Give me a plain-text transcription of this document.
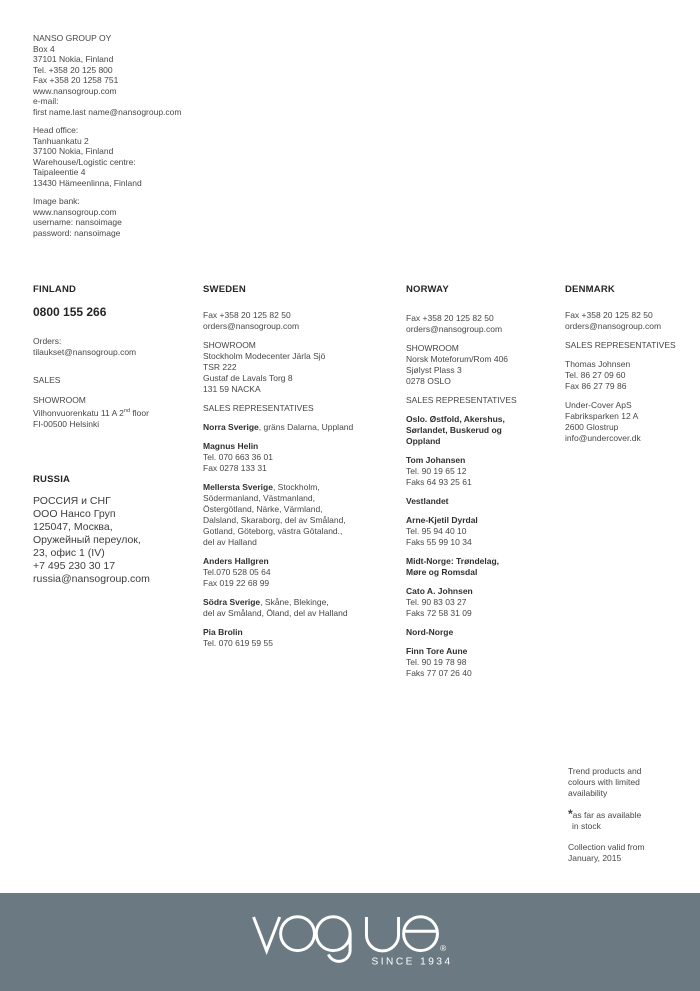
NANSO GROUP OY
Box 4
37101 Nokia, Finland
Tel. +358 20 125 800
Fax +358 20 1258 751
www.nansogroup.com
e-mail:
first name.last name@nansogroup.com
Head office:
Tanhuankatu 2
37100 Nokia, Finland
Warehouse/Logistic centre:
Taipaleentie 4
13430 Hämeenlinna, Finland
Image bank:
www.nansogroup.com
username: nansoimage
password: nansoimage
FINLAND
0800 155 266
Orders:
tilaukset@nansogroup.com
SALES
SHOWROOM
Vilhonvuorenkatu 11 A 2nd floor
FI-00500 Helsinki
RUSSIA
РОССИЯ и СНГ
ООО Нансо Груп
125047, Москва,
Оружейный переулок,
23, офис 1 (IV)
+7 495 230 30 17
russia@nansogroup.com
SWEDEN
Fax +358 20 125 82 50
orders@nansogroup.com
SHOWROOM
Stockholm Modecenter Järla Sjö
TSR 222
Gustaf de Lavals Torg 8
131 59 NACKA
SALES REPRESENTATIVES
Norra Sverige, gräns Dalarna, Uppland
Magnus Helin
Tel. 070 663 36 01
Fax 0278 133 31
Mellersta Sverige, Stockholm,
Södermanland, Västmanland,
Östergötland, Närke, Värmland,
Dalsland, Skaraborg, del av Småland,
Gotland, Göteborg, västra Götaland.,
del av Halland
Anders Hallgren
Tel.070 528 05 64
Fax 019 22 68 99
Södra Sverige, Skåne, Blekinge,
del av Småland, Öland, del av Halland
Pia Brolin
Tel. 070 619 59 55
NORWAY
Fax +358 20 125 82 50
orders@nansogroup.com
SHOWROOM
Norsk Moteforum/Rom 406
Sjølyst Plass 3
0278 OSLO
SALES REPRESENTATIVES
Oslo. Østfold, Akershus,
Sørlandet, Buskerud og
Oppland
Tom Johansen
Tel. 90 19 65 12
Faks 64 93 25 61
Vestlandet
Arne-Kjetil Dyrdal
Tel. 95 94 40 10
Faks 55 99 10 34
Midt-Norge: Trøndelag,
Møre og Romsdal
Cato A. Johnsen
Tel. 90 83 03 27
Faks 72 58 31 09
Nord-Norge
Finn Tore Aune
Tel. 90 19 78 98
Faks 77 07 26 40
DENMARK
Fax +358 20 125 82 50
orders@nansogroup.com
SALES REPRESENTATIVES
Thomas Johnsen
Tel. 86 27 09 60
Fax 86 27 79 86
Under-Cover ApS
Fabriksparken 12 A
2600 Glostrup
info@undercover.dk
Trend products and
colours with limited
availability
*as far as available
in stock
Collection valid from
January, 2015
®
SINCE 1934
